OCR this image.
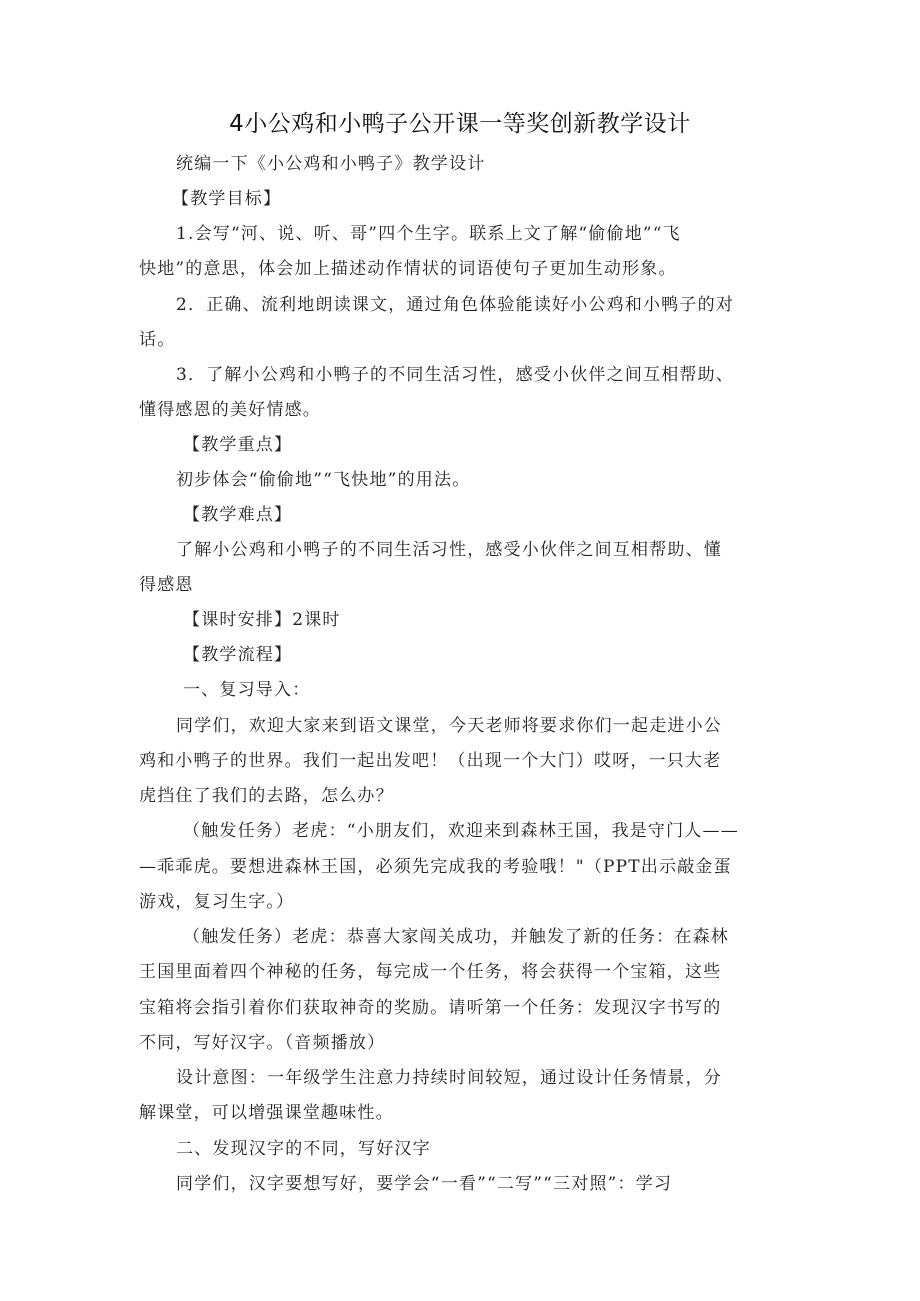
4小公鸡和小鸭子公开课一等奖创新教学设计
统编一下《小公鸡和小鸭子》教学设计
【教学目标】
1.会写“河、说、听、哥”四个生字。联系上文了解“偷偷地”“飞
快地”的意思，体会加上描述动作情状的词语使句子更加生动形象。
2．正确、流利地朗读课文，通过角色体验能读好小公鸡和小鸭子的对
话。
3．了解小公鸡和小鸭子的不同生活习性，感受小伙伴之间互相帮助、
懂得感恩的美好情感。
【教学重点】
初步体会“偷偷地”“飞快地”的用法。
【教学难点】
了解小公鸡和小鸭子的不同生活习性，感受小伙伴之间互相帮助、懂
得感恩
【课时安排】2课时
【教学流程】
一、复习导入：
同学们，欢迎大家来到语文课堂，今天老师将要求你们一起走进小公
鸡和小鸭子的世界。我们一起出发吧！（出现一个大门）哎呀，一只大老
虎挡住了我们的去路，怎么办？
（触发任务）老虎：“小朋友们，欢迎来到森林王国，我是守门人——
—乖乖虎。要想进森林王国，必须先完成我的考验哦！"（PPT出示敲金蛋
游戏，复习生字。）
（触发任务）老虎：恭喜大家闯关成功，并触发了新的任务：在森林
王国里面着四个神秘的任务，每完成一个任务，将会获得一个宝箱，这些
宝箱将会指引着你们获取神奇的奖励。请听第一个任务：发现汉字书写的
不同，写好汉字。（音频播放）
设计意图：一年级学生注意力持续时间较短，通过设计任务情景，分
解课堂，可以增强课堂趣味性。
二、发现汉字的不同，写好汉字
同学们，汉字要想写好，要学会“一看”“二写”“三对照”：学习
